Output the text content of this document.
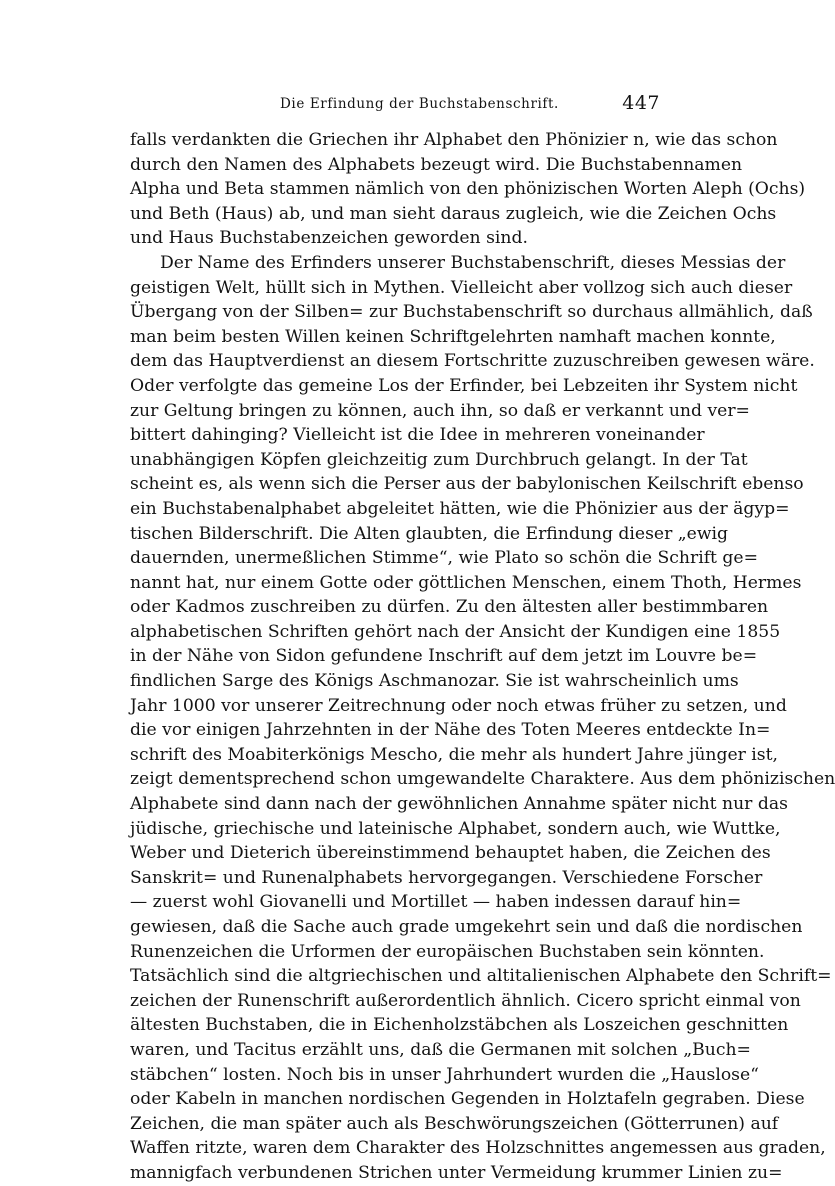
Die Erfindung der Buchstabenschrift.	447
falls verdankten die Griechen ihr Alphabet den Phönizier n, wie das schon
durch den Namen des Alphabets bezeugt wird. Die Buchstabennamen
Alpha und Beta stammen nämlich von den phönizischen Worten Aleph (Ochs)
und Beth (Haus) ab, und man sieht daraus zugleich, wie die Zeichen Ochs
und Haus Buchstabenzeichen geworden sind.
Der Name des Erfinders unserer Buchstabenschrift, dieses Messias der
geistigen Welt, hüllt sich in Mythen. Vielleicht aber vollzog sich auch dieser
Übergang von der Silben= zur Buchstabenschrift so durchaus allmählich, daß
man beim besten Willen keinen Schriftgelehrten namhaft machen konnte,
dem das Hauptverdienst an diesem Fortschritte zuzuschreiben gewesen wäre.
Oder verfolgte das gemeine Los der Erfinder, bei Lebzeiten ihr System nicht
zur Geltung bringen zu können, auch ihn, so daß er verkannt und ver=
bittert dahinging? Vielleicht ist die Idee in mehreren voneinander
unabhängigen Köpfen gleichzeitig zum Durchbruch gelangt. In der Tat
scheint es, als wenn sich die Perser aus der babylonischen Keilschrift ebenso
ein Buchstabenalphabet abgeleitet hätten, wie die Phönizier aus der ägyp=
tischen Bilderschrift. Die Alten glaubten, die Erfindung dieser „ewig
dauernden, unermeßlichen Stimme“, wie Plato so schön die Schrift ge=
nannt hat, nur einem Gotte oder göttlichen Menschen, einem Thoth, Hermes
oder Kadmos zuschreiben zu dürfen. Zu den ältesten aller bestimmbaren
alphabetischen Schriften gehört nach der Ansicht der Kundigen eine 1855
in der Nähe von Sidon gefundene Inschrift auf dem jetzt im Louvre be=
findlichen Sarge des Königs Aschmanozar. Sie ist wahrscheinlich ums
Jahr 1000 vor unserer Zeitrechnung oder noch etwas früher zu setzen, und
die vor einigen Jahrzehnten in der Nähe des Toten Meeres entdeckte In=
schrift des Moabiterkönigs Mescho, die mehr als hundert Jahre jünger ist,
zeigt dementsprechend schon umgewandelte Charaktere. Aus dem phönizischen
Alphabete sind dann nach der gewöhnlichen Annahme später nicht nur das
jüdische, griechische und lateinische Alphabet, sondern auch, wie Wuttke,
Weber und Dieterich übereinstimmend behauptet haben, die Zeichen des
Sanskrit= und Runenalphabets hervorgegangen. Verschiedene Forscher
— zuerst wohl Giovanelli und Mortillet — haben indessen darauf hin=
gewiesen, daß die Sache auch grade umgekehrt sein und daß die nordischen
Runenzeichen die Urformen der europäischen Buchstaben sein könnten.
Tatsächlich sind die altgriechischen und altitalienischen Alphabete den Schrift=
zeichen der Runenschrift außerordentlich ähnlich. Cicero spricht einmal von
ältesten Buchstaben, die in Eichenholzstäbchen als Loszeichen geschnitten
waren, und Tacitus erzählt uns, daß die Germanen mit solchen „Buch=
stäbchen“ losten. Noch bis in unser Jahrhundert wurden die „Hauslose“
oder Kabeln in manchen nordischen Gegenden in Holztafeln gegraben. Diese
Zeichen, die man später auch als Beschwörungszeichen (Götterrunen) auf
Waffen ritzte, waren dem Charakter des Holzschnittes angemessen aus graden,
mannigfach verbundenen Strichen unter Vermeidung krummer Linien zu=
